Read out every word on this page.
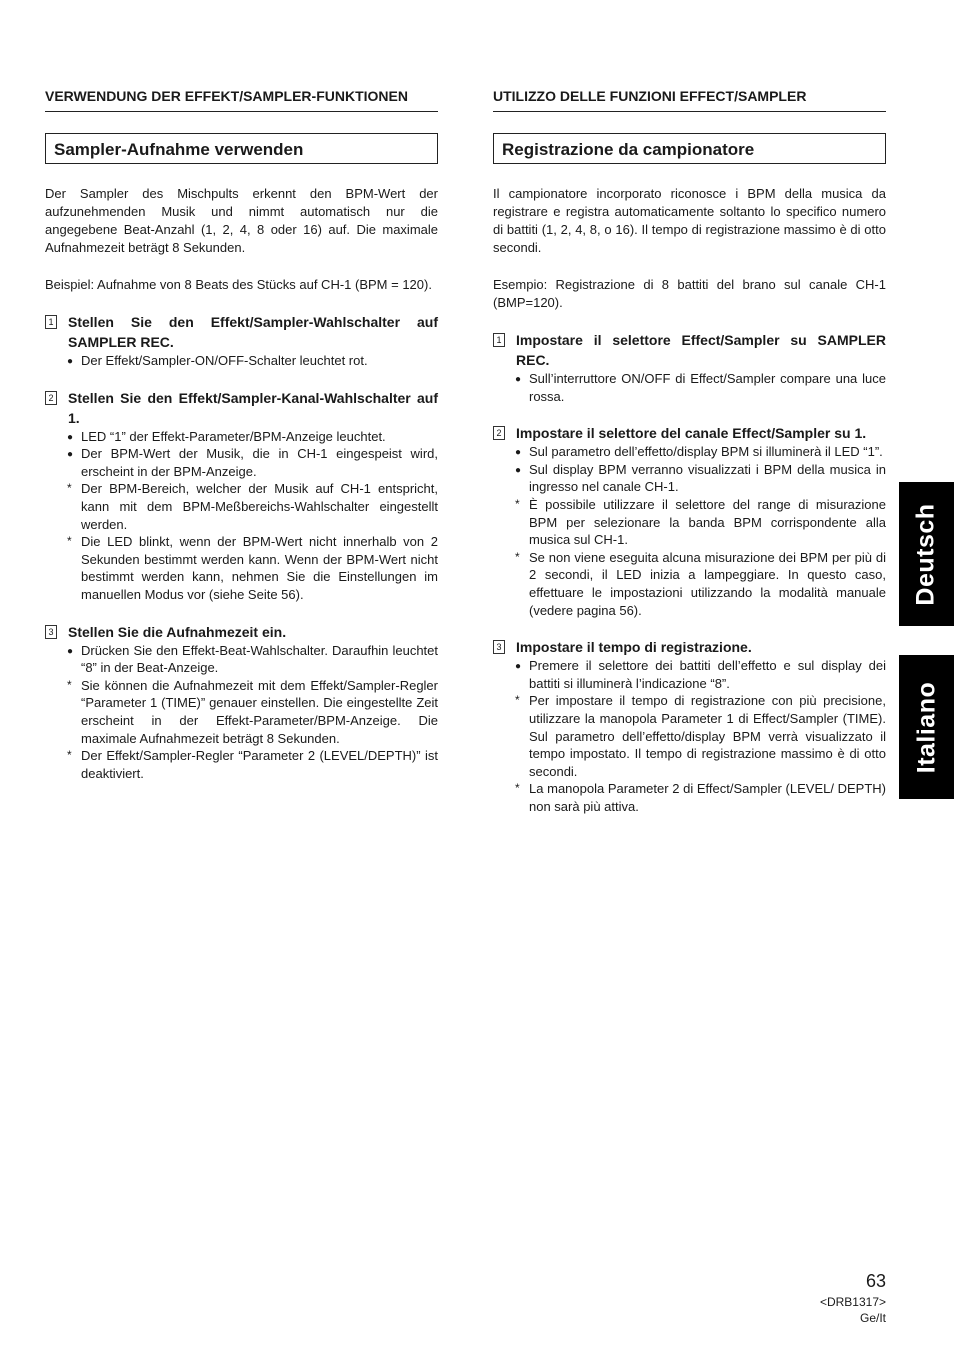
VERWENDUNG DER EFFEKT/SAMPLER-FUNKTIONEN
Sampler-Aufnahme verwenden

Der Sampler des Mischpults erkennt den BPM-Wert der aufzunehmenden Musik und nimmt automatisch nur die angegebene Beat-Anzahl (1, 2, 4, 8 oder 16) auf. Die maximale Aufnahmezeit beträgt 8 Sekunden.

Beispiel: Aufnahme von 8 Beats des Stücks auf CH-1 (BPM = 120).

1 Stellen Sie den Effekt/Sampler-Wahlschalter auf SAMPLER REC.
● Der Effekt/Sampler-ON/OFF-Schalter leuchtet rot.
2 Stellen Sie den Effekt/Sampler-Kanal-Wahlschalter auf 1.
● LED “1” der Effekt-Parameter/BPM-Anzeige leuchtet.
● Der BPM-Wert der Musik, die in CH-1 eingespeist wird, erscheint in der BPM-Anzeige.
* Der BPM-Bereich, welcher der Musik auf CH-1 entspricht, kann mit dem BPM-Meßbereichs-Wahlschalter eingestellt werden.
* Die LED blinkt, wenn der BPM-Wert nicht innerhalb von 2 Sekunden bestimmt werden kann. Wenn der BPM-Wert nicht bestimmt werden kann, nehmen Sie die Einstellungen im manuellen Modus vor (siehe Seite 56).
3 Stellen Sie die Aufnahmezeit ein.
● Drücken Sie den Effekt-Beat-Wahlschalter. Daraufhin leuchtet “8” in der Beat-Anzeige.
* Sie können die Aufnahmezeit mit dem Effekt/Sampler-Regler “Parameter 1 (TIME)” genauer einstellen. Die eingestellte Zeit erscheint in der Effekt-Parameter/BPM-Anzeige. Die maximale Aufnahmezeit beträgt 8 Sekunden.
* Der Effekt/Sampler-Regler “Parameter 2 (LEVEL/DEPTH)” ist deaktiviert.
UTILIZZO DELLE FUNZIONI EFFECT/SAMPLER
Registrazione da campionatore

Il campionatore incorporato riconosce i BPM della musica da registrare e registra automaticamente soltanto lo specifico numero di battiti (1, 2, 4, 8, o 16). Il tempo di registrazione massimo è di otto secondi.

Esempio: Registrazione di 8 battiti del brano sul canale CH-1 (BMP=120).

1 Impostare il selettore Effect/Sampler su SAMPLER REC.
● Sull’interruttore ON/OFF di Effect/Sampler compare una luce rossa.
2 Impostare il selettore del canale Effect/Sampler su 1.
● Sul parametro dell’effetto/display BPM si illuminerà il LED “1”.
● Sul display BPM verranno visualizzati i BPM della musica in ingresso nel canale CH-1.
* È possibile utilizzare il selettore del range di misurazione BPM per selezionare la banda BPM corrispondente alla musica sul CH-1.
* Se non viene eseguita alcuna misurazione dei BPM per più di 2 secondi, il LED inizia a lampeggiare. In questo caso, effettuare le impostazioni utilizzando la modalità manuale (vedere pagina 56).
3 Impostare il tempo di registrazione.
● Premere il selettore dei battiti dell’effetto e sul display dei battiti si illuminerà l’indicazione “8”.
* Per impostare il tempo di registrazione con più precisione, utilizzare la manopola Parameter 1 di Effect/Sampler (TIME). Sul parametro dell’effetto/display BPM verrà visualizzato il tempo impostato. Il tempo di registrazione massimo è di otto secondi.
* La manopola Parameter 2 di Effect/Sampler (LEVEL/ DEPTH) non sarà più attiva.
Deutsch
Italiano
63
<DRB1317>
Ge/It
